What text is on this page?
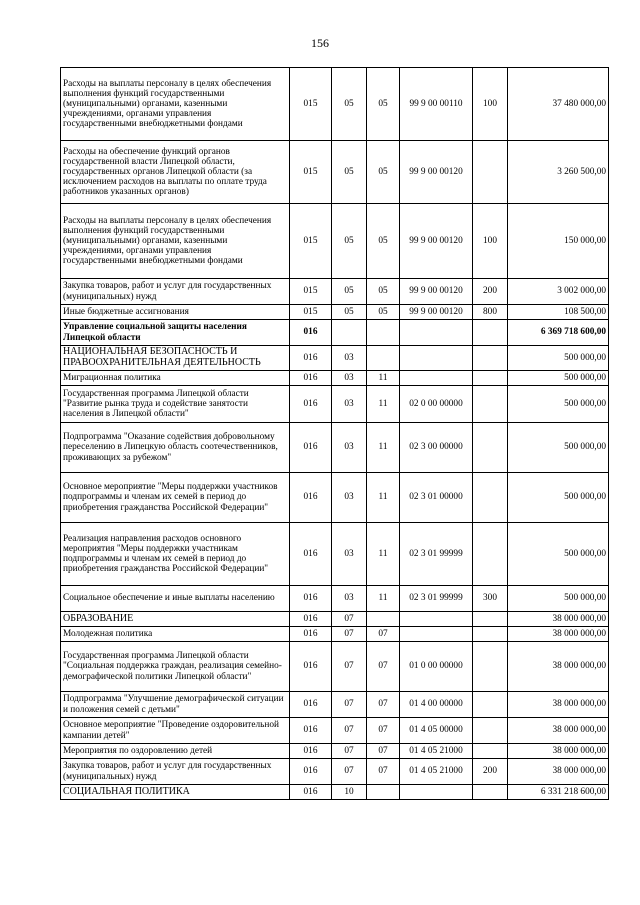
156
Расходы на выплаты персоналу в целях обеспечения выполнения функций государственными (муниципальными) органами, казенными учреждениями, органами управления государственными внебюджетными фондами	015	05	05	99 9 00 00110	100	37 480 000,00
Расходы на обеспечение функций органов государственной власти Липецкой области, государственных органов Липецкой области (за исключением расходов на выплаты по оплате труда работников указанных органов)	015	05	05	99 9 00 00120		3 260 500,00
Расходы на выплаты персоналу в целях обеспечения выполнения функций государственными (муниципальными) органами, казенными учреждениями, органами управления государственными внебюджетными фондами	015	05	05	99 9 00 00120	100	150 000,00
Закупка товаров, работ и услуг для государственных (муниципальных) нужд	015	05	05	99 9 00 00120	200	3 002 000,00
Иные бюджетные ассигнования	015	05	05	99 9 00 00120	800	108 500,00
Управление социальной защиты населения Липецкой области	016					6 369 718 600,00
НАЦИОНАЛЬНАЯ БЕЗОПАСНОСТЬ И ПРАВООХРАНИТЕЛЬНАЯ ДЕЯТЕЛЬНОСТЬ	016	03				500 000,00
Миграционная политика	016	03	11			500 000,00
Государственная программа Липецкой области "Развитие рынка труда и содействие занятости населения в Липецкой области"	016	03	11	02 0 00 00000		500 000,00
Подпрограмма "Оказание содействия добровольному переселению в Липецкую область соотечественников, проживающих за рубежом"	016	03	11	02 3 00 00000		500 000,00
Основное мероприятие "Меры поддержки участников подпрограммы и членам их семей в период до приобретения гражданства Российской Федерации"	016	03	11	02 3 01 00000		500 000,00
Реализация направления расходов основного мероприятия "Меры поддержки участникам подпрограммы и членам их семей в период до приобретения гражданства Российской Федерации"	016	03	11	02 3 01 99999		500 000,00
Социальное обеспечение и иные выплаты населению	016	03	11	02 3 01 99999	300	500 000,00
ОБРАЗОВАНИЕ	016	07				38 000 000,00
Молодежная политика	016	07	07			38 000 000,00
Государственная программа Липецкой области "Социальная поддержка граждан, реализация семейно-демографической политики Липецкой области"	016	07	07	01 0 00 00000		38 000 000,00
Подпрограмма "Улучшение демографической ситуации и положения семей с детьми"	016	07	07	01 4 00 00000		38 000 000,00
Основное мероприятие "Проведение оздоровительной кампании детей"	016	07	07	01 4 05 00000		38 000 000,00
Мероприятия по оздоровлению детей	016	07	07	01 4 05 21000		38 000 000,00
Закупка товаров, работ и услуг для государственных (муниципальных) нужд	016	07	07	01 4 05 21000	200	38 000 000,00
СОЦИАЛЬНАЯ ПОЛИТИКА	016	10				6 331 218 600,00
